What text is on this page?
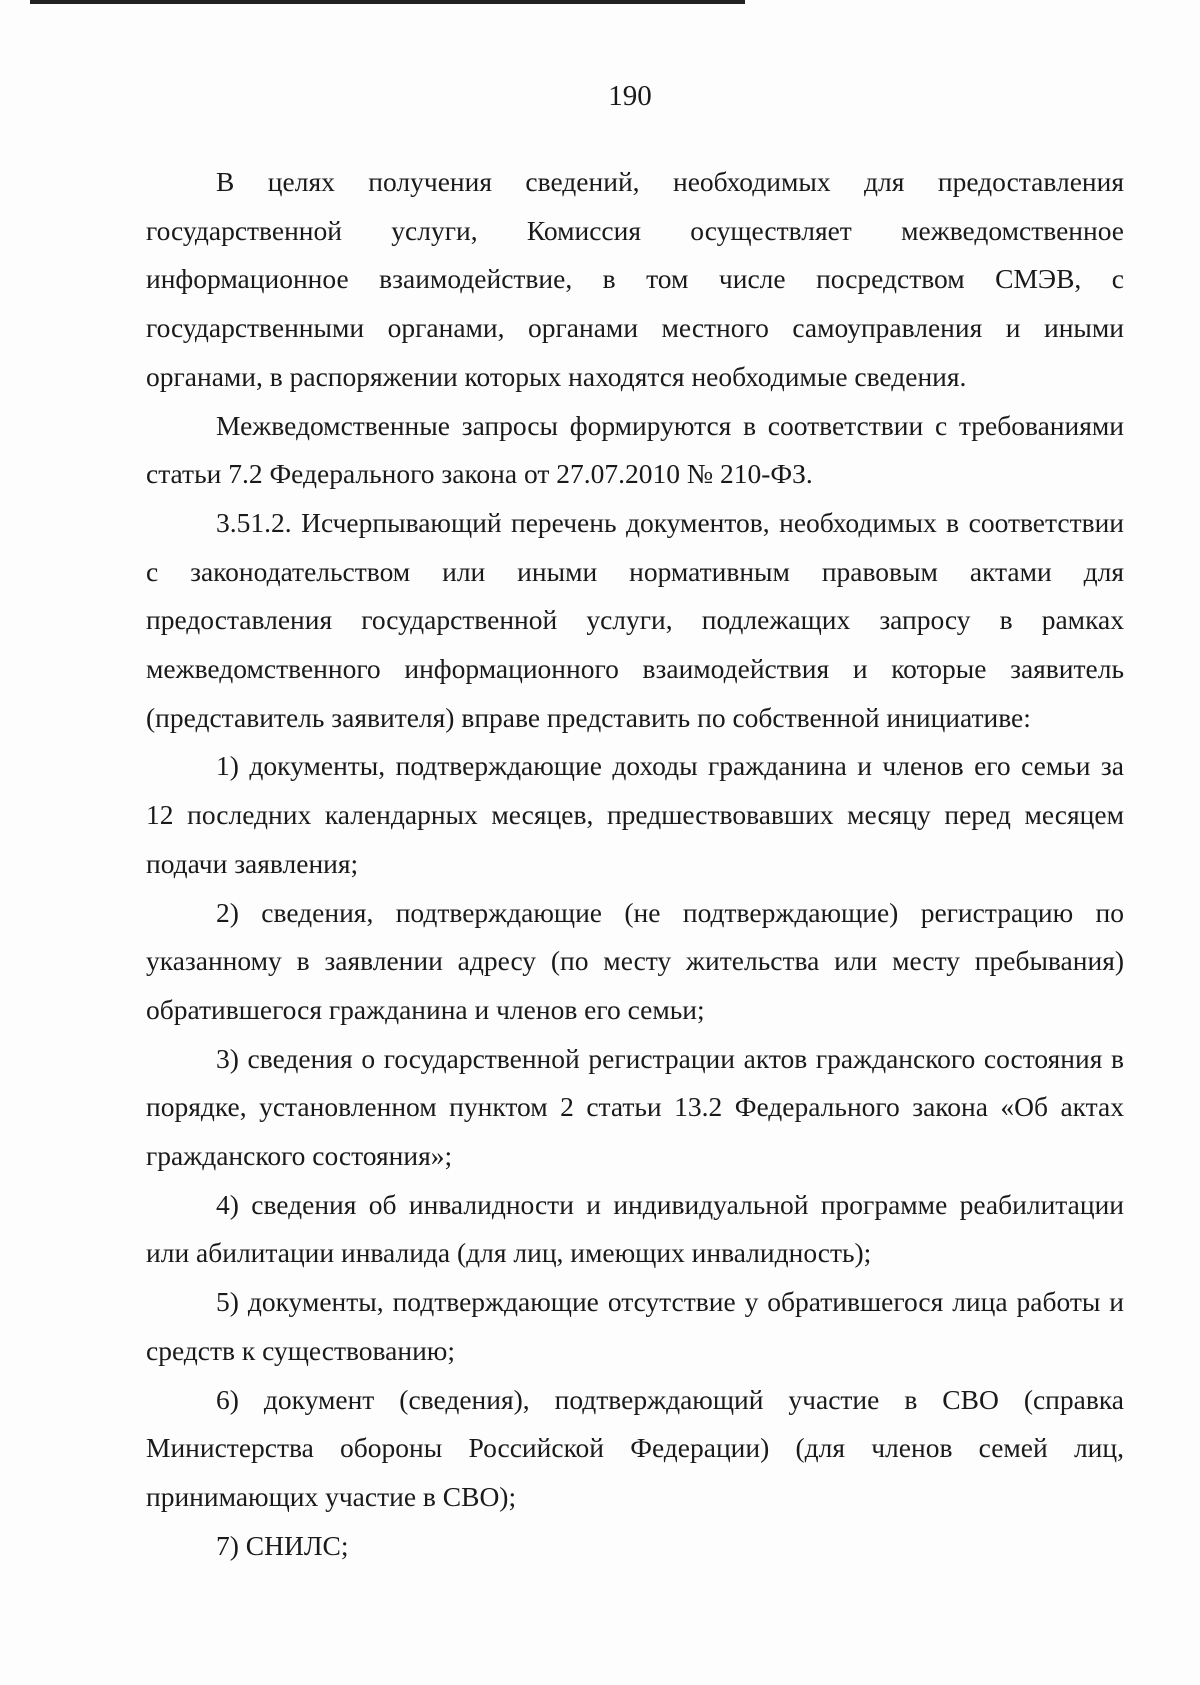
190

В целях получения сведений, необходимых для предоставления государственной услуги, Комиссия осуществляет межведомственное информационное взаимодействие, в том числе посредством СМЭВ, с государственными органами, органами местного самоуправления и иными органами, в распоряжении которых находятся необходимые сведения.

Межведомственные запросы формируются в соответствии с требованиями статьи 7.2 Федерального закона от 27.07.2010 № 210-ФЗ.

3.51.2. Исчерпывающий перечень документов, необходимых в соответствии с законодательством или иными нормативным правовым актами для предоставления государственной услуги, подлежащих запросу в рамках межведомственного информационного взаимодействия и которые заявитель (представитель заявителя) вправе представить по собственной инициативе:

1) документы, подтверждающие доходы гражданина и членов его семьи за 12 последних календарных месяцев, предшествовавших месяцу перед месяцем подачи заявления;

2) сведения, подтверждающие (не подтверждающие) регистрацию по указанному в заявлении адресу (по месту жительства или месту пребывания) обратившегося гражданина и членов его семьи;

3) сведения о государственной регистрации актов гражданского состояния в порядке, установленном пунктом 2 статьи 13.2 Федерального закона «Об актах гражданского состояния»;

4) сведения об инвалидности и индивидуальной программе реабилитации или абилитации инвалида (для лиц, имеющих инвалидность);

5) документы, подтверждающие отсутствие у обратившегося лица работы и средств к существованию;

6) документ (сведения), подтверждающий участие в СВО (справка Министерства обороны Российской Федерации) (для членов семей лиц, принимающих участие в СВО);

7) СНИЛС;
